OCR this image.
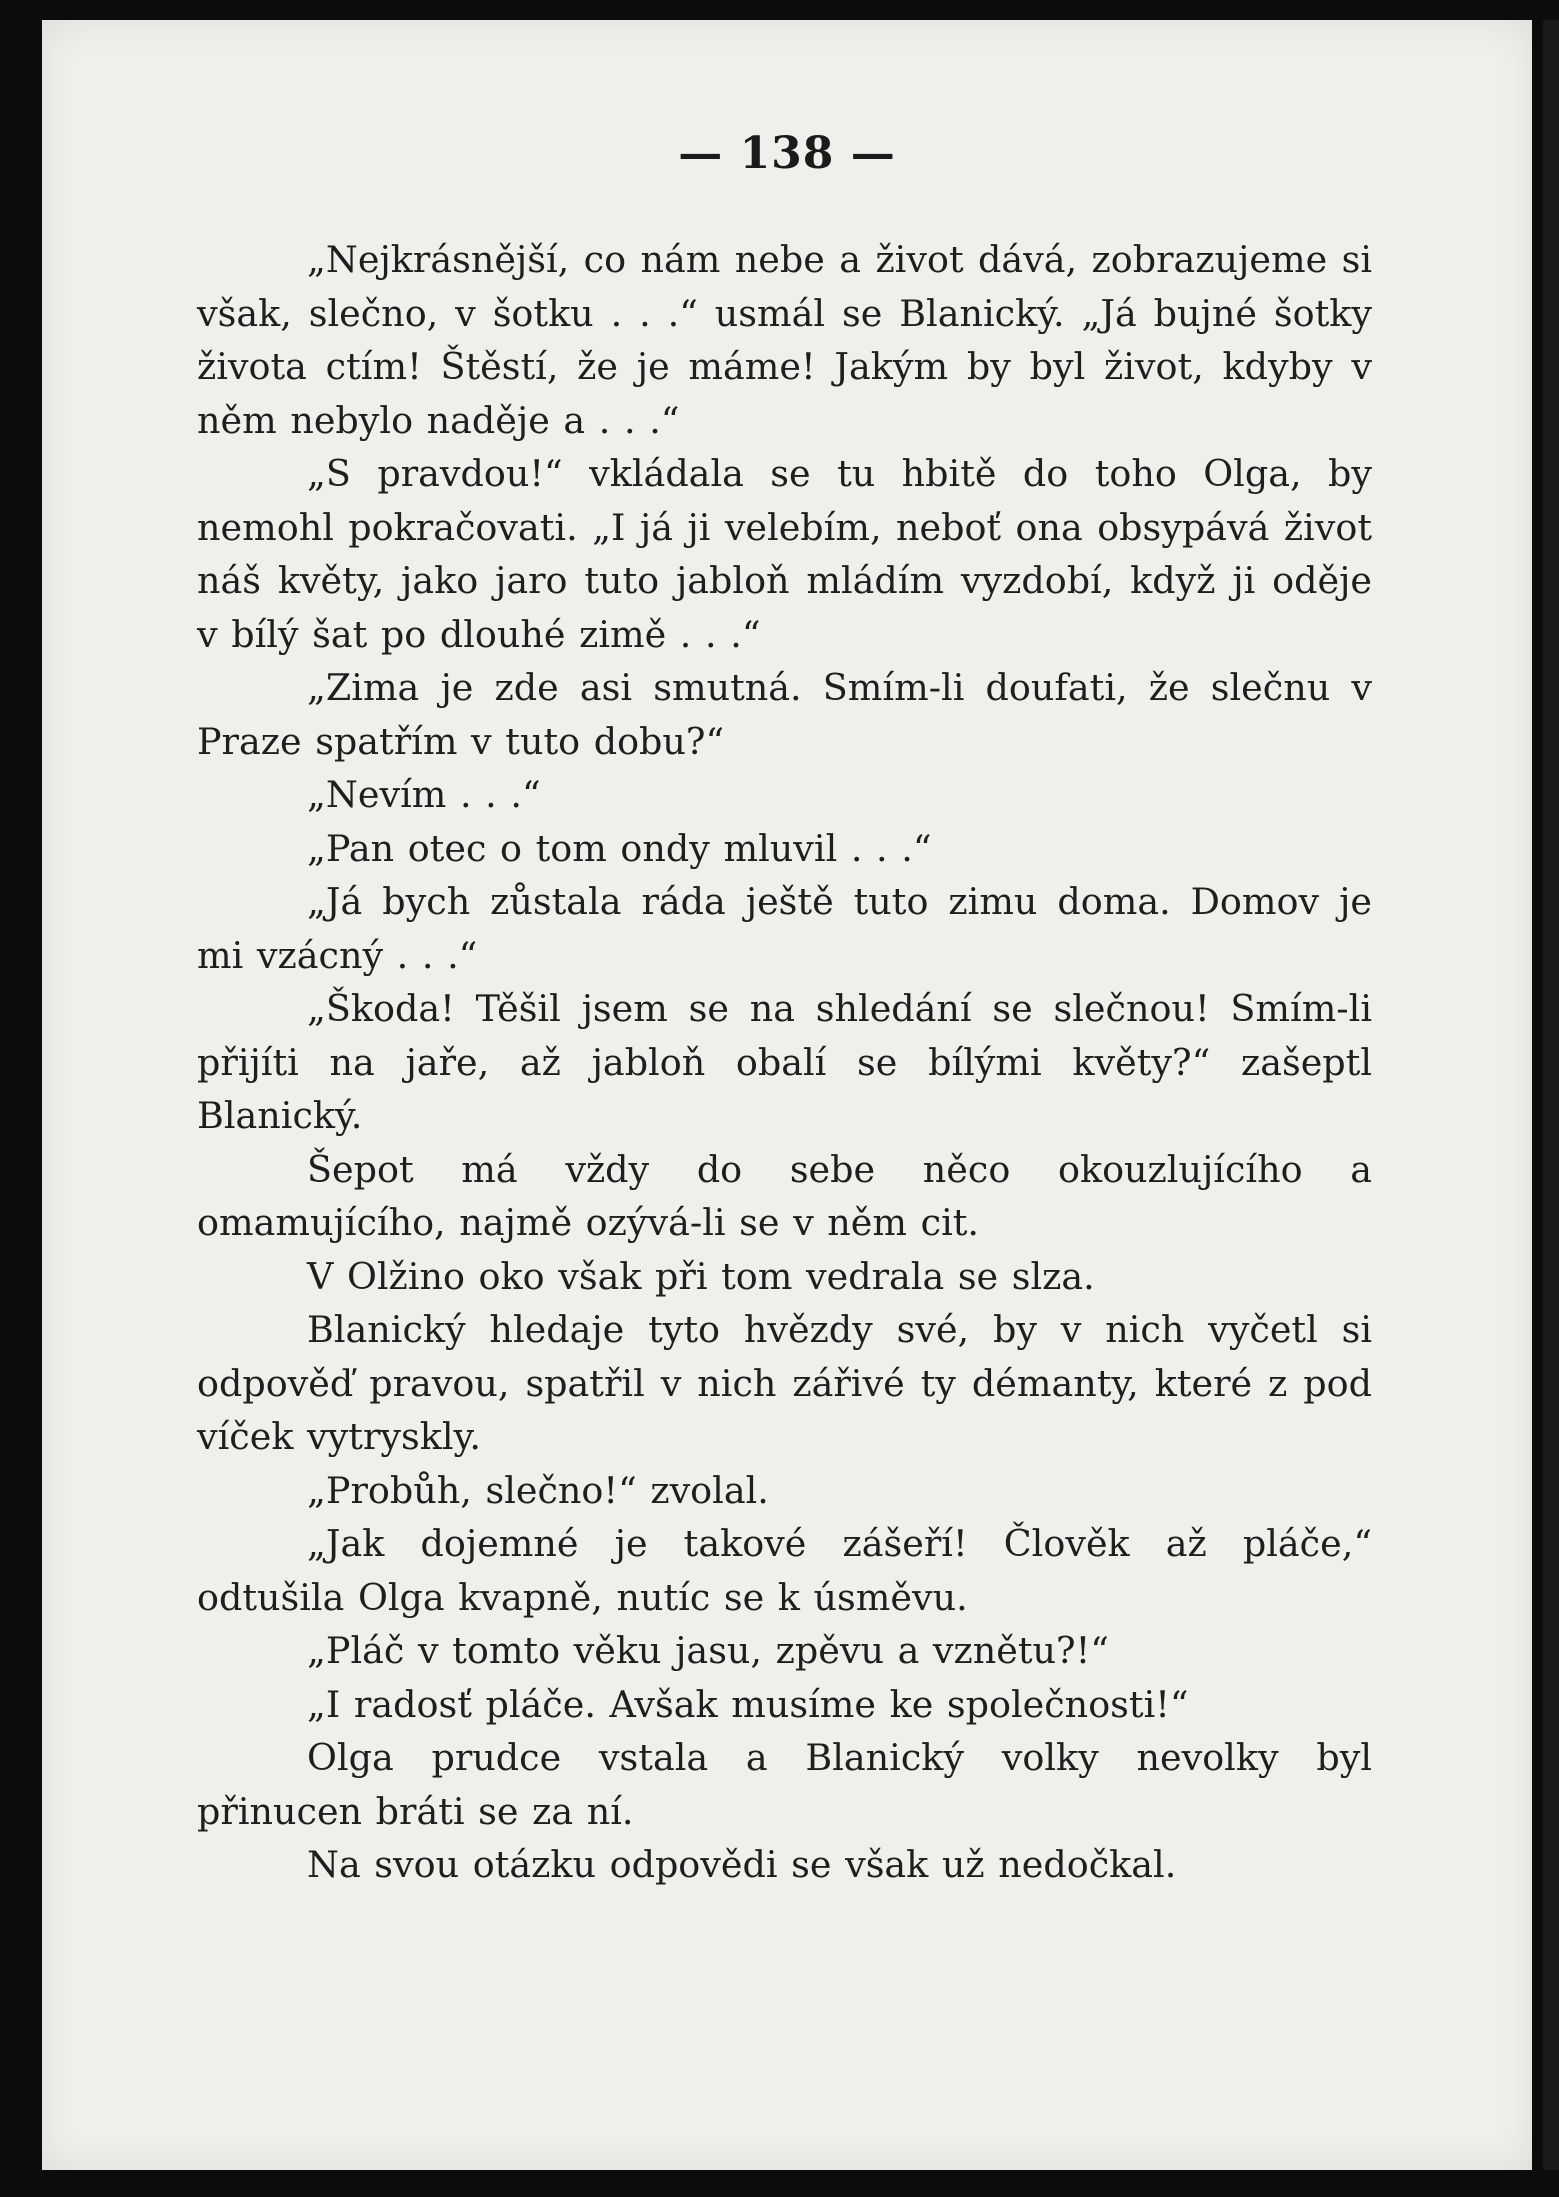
— 138 —

„Nejkrásnější, co nám nebe a život dává, zobrazujeme si však, slečno, v šotku . . .“ usmál se Blanický. „Já bujné šotky života ctím! Štěstí, že je máme! Jakým by byl život, kdyby v něm nebylo naděje a . . .“

„S pravdou!“ vkládala se tu hbitě do toho Olga, by nemohl pokračovati. „I já ji velebím, neboť ona obsypává život náš květy, jako jaro tuto jabloň mládím vyzdobí, když ji oděje v bílý šat po dlouhé zimě . . .“

„Zima je zde asi smutná. Smím-li doufati, že slečnu v Praze spatřím v tuto dobu?“

„Nevím . . .“

„Pan otec o tom ondy mluvil . . .“

„Já bych zůstala ráda ještě tuto zimu doma. Domov je mi vzácný . . .“

„Škoda! Těšil jsem se na shledání se slečnou! Smím-li přijíti na jaře, až jabloň obalí se bílými květy?“ zašeptl Blanický.

Šepot má vždy do sebe něco okouzlujícího a omamujícího, najmě ozývá-li se v něm cit.

V Olžino oko však při tom vedrala se slza.

Blanický hledaje tyto hvězdy své, by v nich vyčetl si odpověď pravou, spatřil v nich zářivé ty démanty, které z pod víček vytryskly.

„Probůh, slečno!“ zvolal.

„Jak dojemné je takové zášeří! Člověk až pláče,“ odtušila Olga kvapně, nutíc se k úsměvu.

„Pláč v tomto věku jasu, zpěvu a vznětu?!“

„I radosť pláče. Avšak musíme ke společnosti!“

Olga prudce vstala a Blanický volky nevolky byl přinucen bráti se za ní.

Na svou otázku odpovědi se však už nedočkal.
